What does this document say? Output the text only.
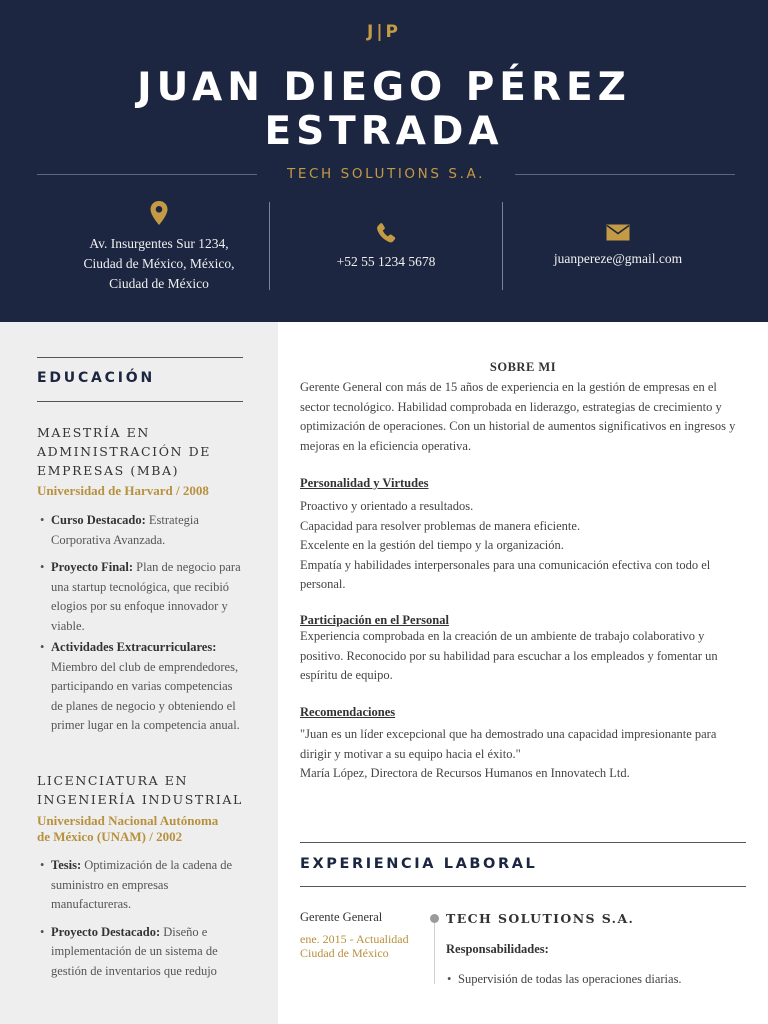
J|P
JUAN DIEGO PÉREZ
ESTRADA
TECH SOLUTIONS S.A.
Av. Insurgentes Sur 1234,
Ciudad de México, México,
Ciudad de México
+52 55 1234 5678	juanpereze@gmail.com
EDUCACIÓN
MAESTRÍA EN
ADMINISTRACIÓN DE
EMPRESAS (MBA)
Universidad de Harvard / 2008
• Curso Destacado: Estrategia Corporativa Avanzada.
• Proyecto Final: Plan de negocio para una startup tecnológica, que recibió elogios por su enfoque innovador y viable.
• Actividades Extracurriculares: Miembro del club de emprendedores, participando en varias competencias de planes de negocio y obteniendo el primer lugar en la competencia anual.
LICENCIATURA EN
INGENIERÍA INDUSTRIAL
Universidad Nacional Autónoma
de México (UNAM) / 2002
• Tesis: Optimización de la cadena de suministro en empresas manufactureras.
• Proyecto Destacado: Diseño e implementación de un sistema de gestión de inventarios que redujo
SOBRE MI
Gerente General con más de 15 años de experiencia en la gestión de empresas en el sector tecnológico. Habilidad comprobada en liderazgo, estrategias de crecimiento y optimización de operaciones. Con un historial de aumentos significativos en ingresos y mejoras en la eficiencia operativa.
Personalidad y Virtudes
Proactivo y orientado a resultados.
Capacidad para resolver problemas de manera eficiente.
Excelente en la gestión del tiempo y la organización.
Empatía y habilidades interpersonales para una comunicación efectiva con todo el personal.
Participación en el Personal
Experiencia comprobada en la creación de un ambiente de trabajo colaborativo y positivo. Reconocido por su habilidad para escuchar a los empleados y fomentar un espíritu de equipo.
Recomendaciones
"Juan es un líder excepcional que ha demostrado una capacidad impresionante para dirigir y motivar a su equipo hacia el éxito."
María López, Directora de Recursos Humanos en Innovatech Ltd.
EXPERIENCIA LABORAL
Gerente General
ene. 2015 - Actualidad
Ciudad de México
TECH SOLUTIONS S.A.
Responsabilidades:
• Supervisión de todas las operaciones diarias.
